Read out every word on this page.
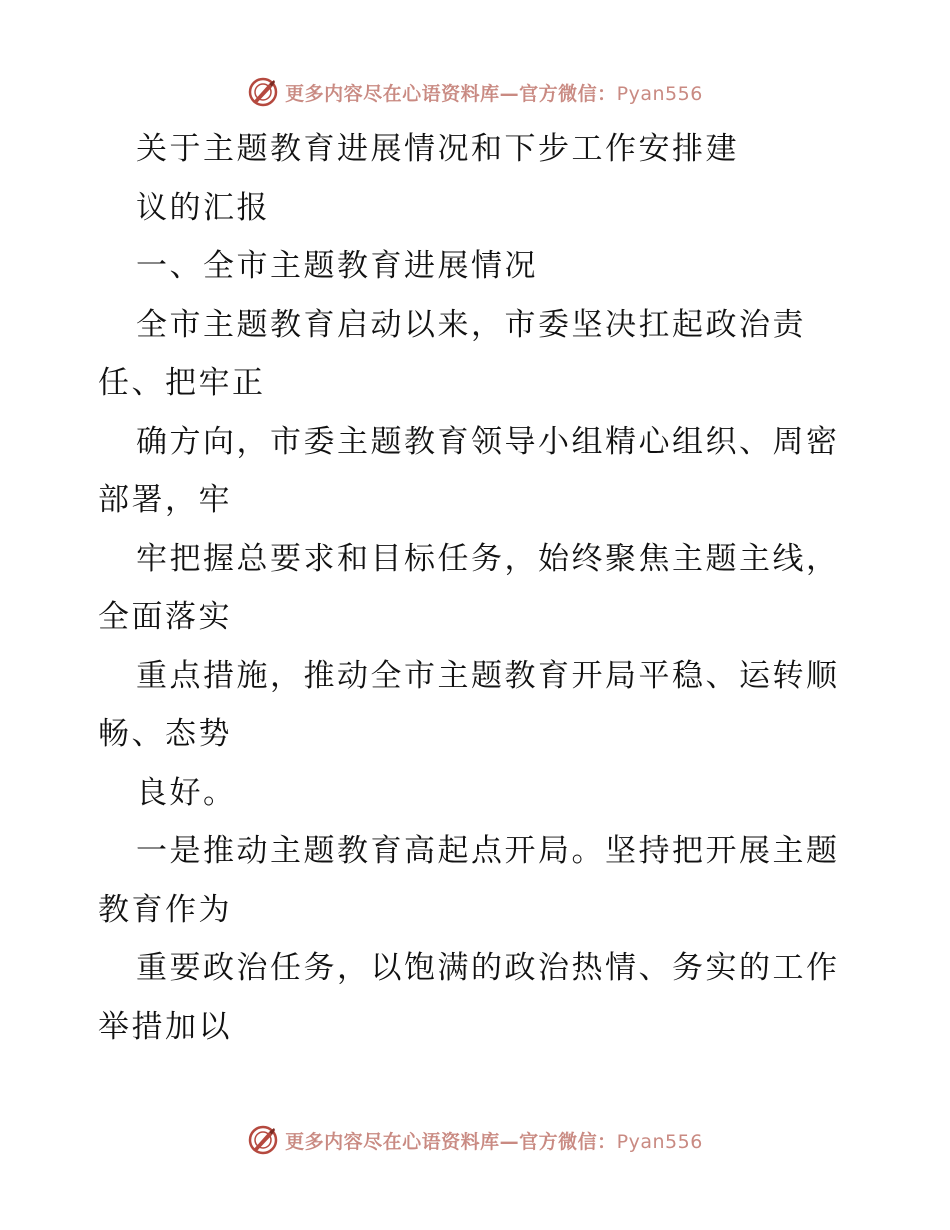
更多内容尽在心语资料库—官方微信：Pyan556
关于主题教育进展情况和下步工作安排建
议的汇报
一、全市主题教育进展情况
全市主题教育启动以来，市委坚决扛起政治责
任、把牢正
确方向，市委主题教育领导小组精心组织、周密
部署，牢
牢把握总要求和目标任务，始终聚焦主题主线，
全面落实
重点措施，推动全市主题教育开局平稳、运转顺
畅、态势
良好。
一是推动主题教育高起点开局。坚持把开展主题
教育作为
重要政治任务，以饱满的政治热情、务实的工作
举措加以
更多内容尽在心语资料库—官方微信：Pyan556
